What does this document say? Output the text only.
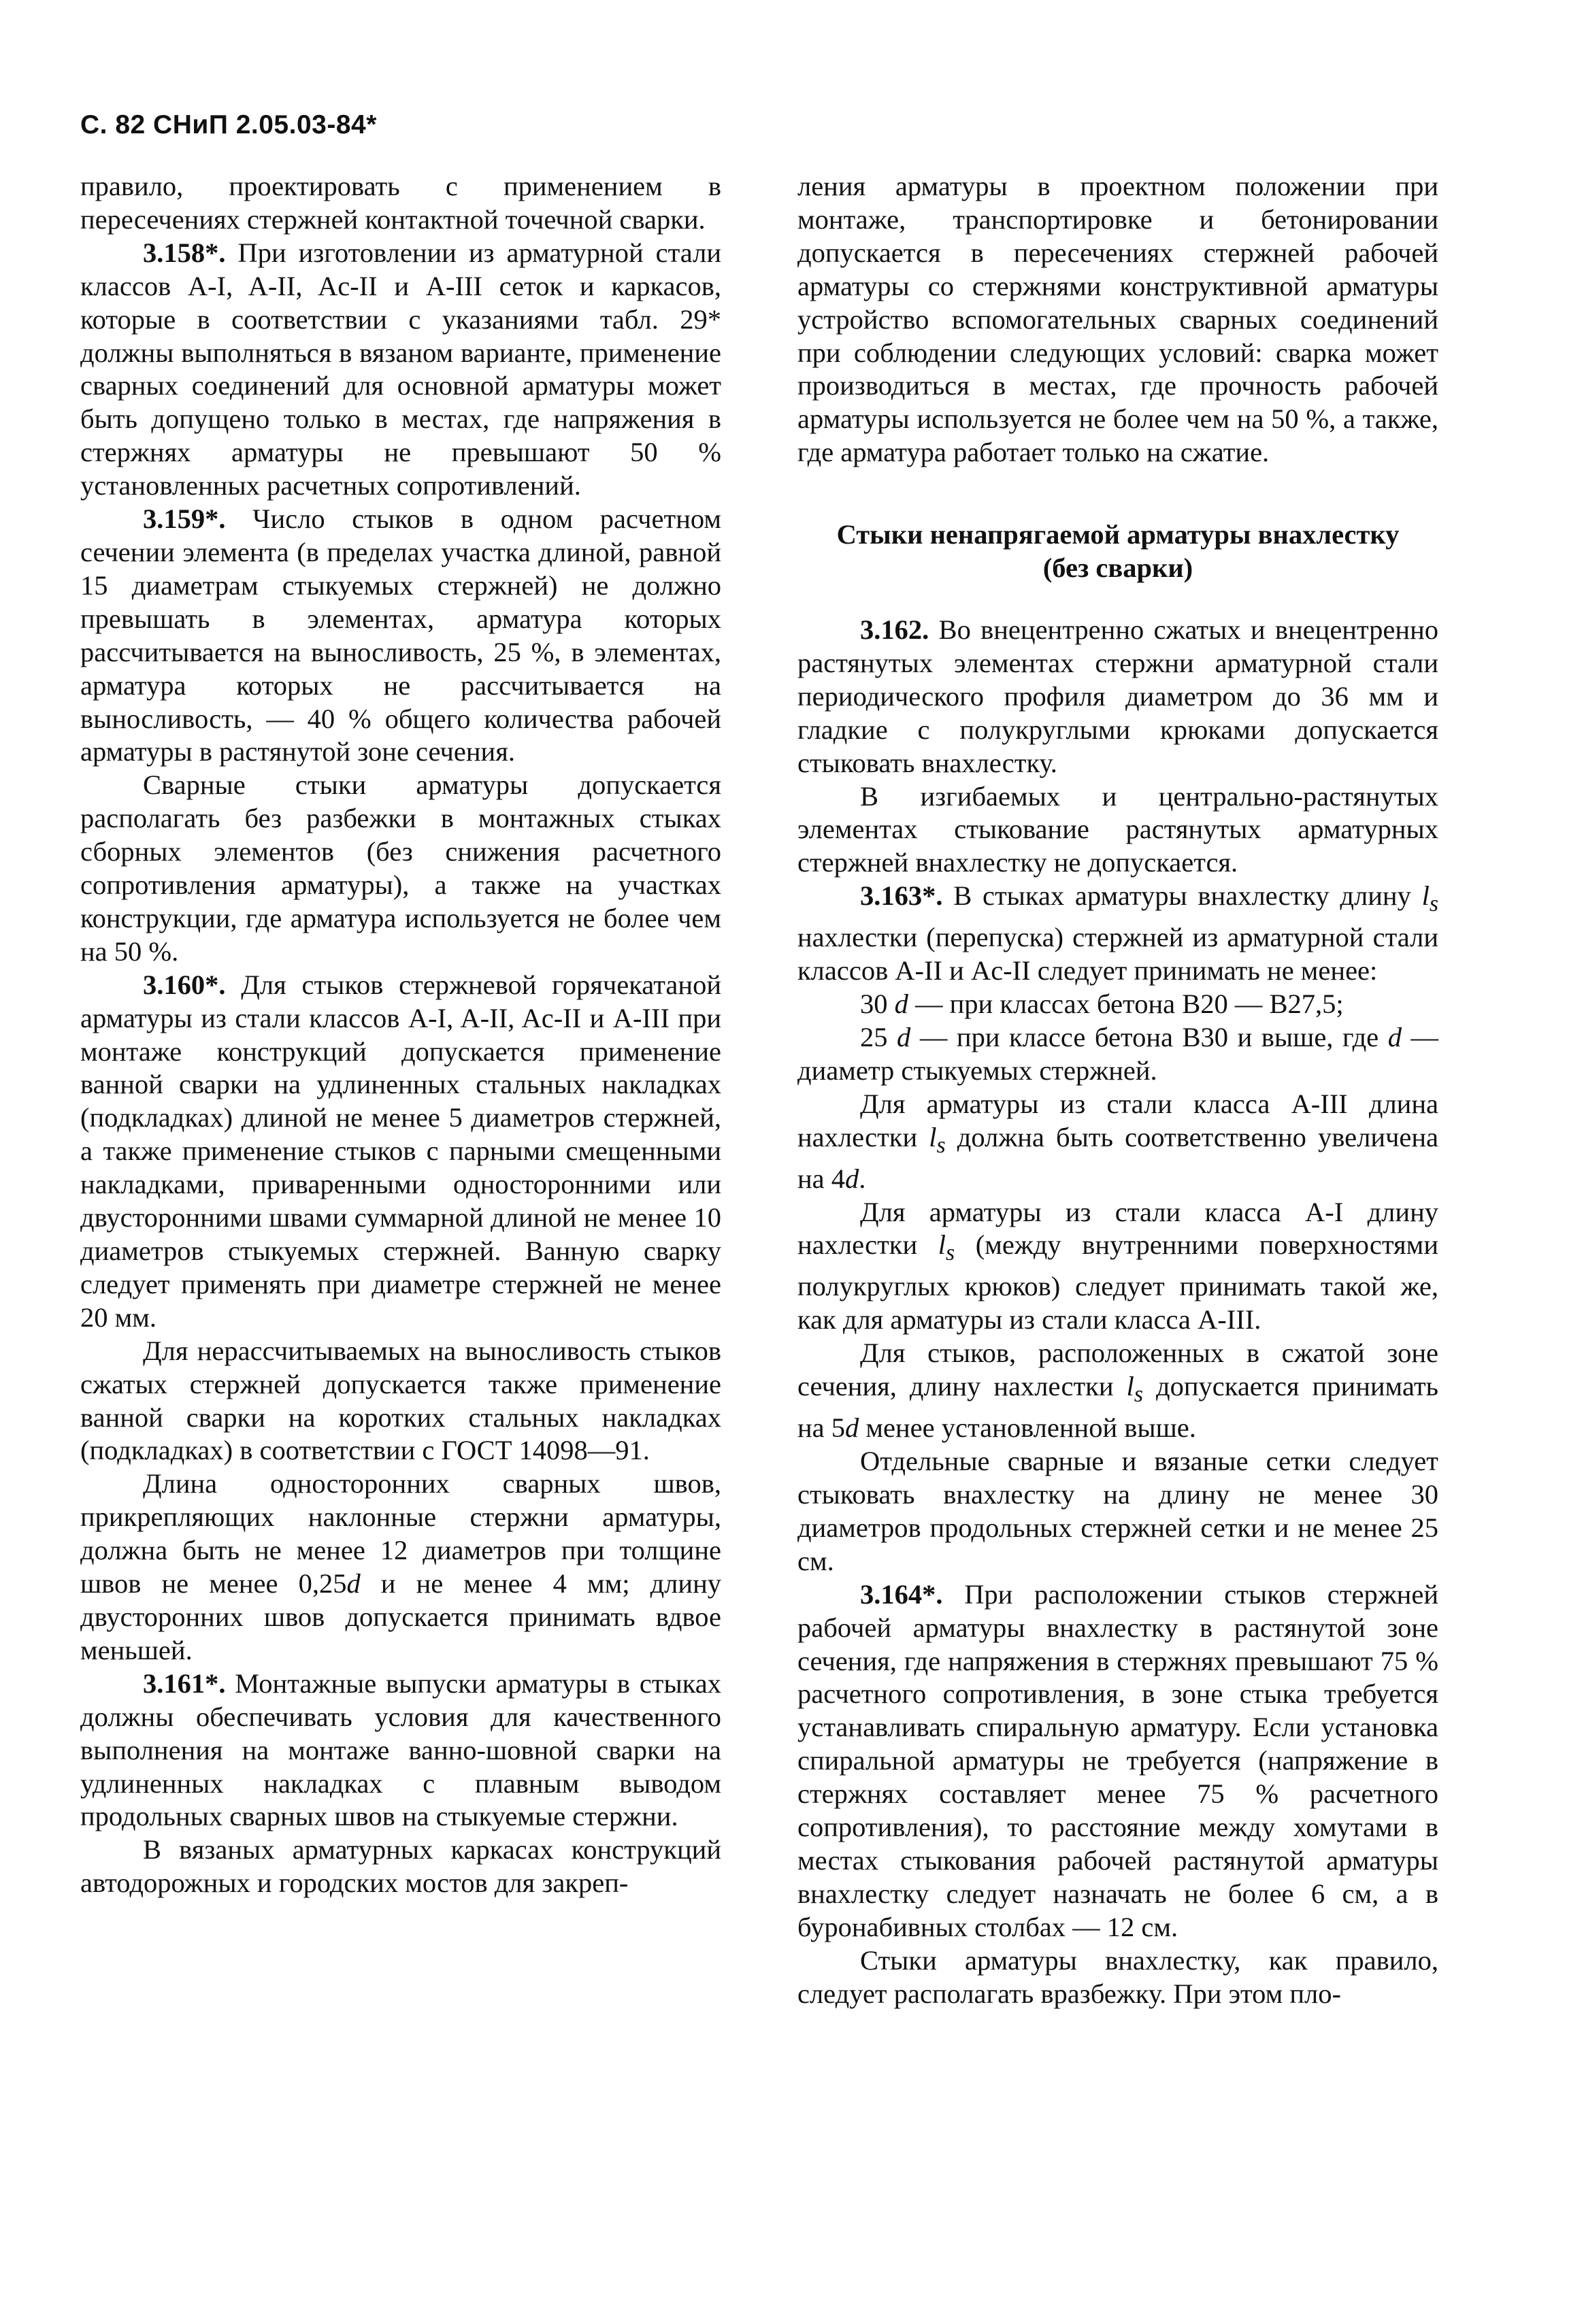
С. 82 СНиП 2.05.03-84*

правило, проектировать с применением в пересечениях стержней контактной точечной сварки.

3.158*. При изготовлении из арматурной стали классов A-I, A-II, Ac-II и A-III сеток и каркасов, которые в соответствии с указаниями табл. 29* должны выполняться в вязаном варианте, применение сварных соединений для основной арматуры может быть допущено только в местах, где напряжения в стержнях арматуры не превышают 50 % установленных расчетных сопротивлений.

3.159*. Число стыков в одном расчетном сечении элемента (в пределах участка длиной, равной 15 диаметрам стыкуемых стержней) не должно превышать в элементах, арматура которых рассчитывается на выносливость, 25 %, в элементах, арматура которых не рассчитывается на выносливость, — 40 % общего количества рабочей арматуры в растянутой зоне сечения.

Сварные стыки арматуры допускается располагать без разбежки в монтажных стыках сборных элементов (без снижения расчетного сопротивления арматуры), а также на участках конструкции, где арматура используется не более чем на 50 %.

3.160*. Для стыков стержневой горячекатаной арматуры из стали классов A-I, A-II, Ac-II и A-III при монтаже конструкций допускается применение ванной сварки на удлиненных стальных накладках (подкладках) длиной не менее 5 диаметров стержней, а также применение стыков с парными смещенными накладками, приваренными односторонними или двусторонними швами суммарной длиной не менее 10 диаметров стыкуемых стержней. Ванную сварку следует применять при диаметре стержней не менее 20 мм.

Для нерассчитываемых на выносливость стыков сжатых стержней допускается также применение ванной сварки на коротких стальных накладках (подкладках) в соответствии с ГОСТ 14098—91.

Длина односторонних сварных швов, прикрепляющих наклонные стержни арматуры, должна быть не менее 12 диаметров при толщине швов не менее 0,25d и не менее 4 мм; длину двусторонних швов допускается принимать вдвое меньшей.

3.161*. Монтажные выпуски арматуры в стыках должны обеспечивать условия для качественного выполнения на монтаже ванно-шовной сварки на удлиненных накладках с плавным выводом продольных сварных швов на стыкуемые стержни.

В вязаных арматурных каркасах конструкций автодорожных и городских мостов для закреп-

ления арматуры в проектном положении при монтаже, транспортировке и бетонировании допускается в пересечениях стержней рабочей арматуры со стержнями конструктивной арматуры устройство вспомогательных сварных соединений при соблюдении следующих условий: сварка может производиться в местах, где прочность рабочей арматуры используется не более чем на 50 %, а также, где арматура работает только на сжатие.

Стыки ненапрягаемой арматуры внахлестку
(без сварки)

3.162. Во внецентренно сжатых и внецентренно растянутых элементах стержни арматурной стали периодического профиля диаметром до 36 мм и гладкие с полукруглыми крюками допускается стыковать внахлестку.

В изгибаемых и центрально-растянутых элементах стыкование растянутых арматурных стержней внахлестку не допускается.

3.163*. В стыках арматуры внахлестку длину $l_s$ нахлестки (перепуска) стержней из арматурной стали классов A-II и Ac-II следует принимать не менее:

30 d — при классах бетона В20 — В27,5;

25 d — при классе бетона В30 и выше, где d — диаметр стыкуемых стержней.

Для арматуры из стали класса A-III длина нахлестки $l_s$ должна быть соответственно увеличена на 4d.

Для арматуры из стали класса A-I длину нахлестки $l_s$ (между внутренними поверхностями полукруглых крюков) следует принимать такой же, как для арматуры из стали класса A-III.

Для стыков, расположенных в сжатой зоне сечения, длину нахлестки $l_s$ допускается принимать на 5d менее установленной выше.

Отдельные сварные и вязаные сетки следует стыковать внахлестку на длину не менее 30 диаметров продольных стержней сетки и не менее 25 см.

3.164*. При расположении стыков стержней рабочей арматуры внахлестку в растянутой зоне сечения, где напряжения в стержнях превышают 75 % расчетного сопротивления, в зоне стыка требуется устанавливать спиральную арматуру. Если установка спиральной арматуры не требуется (напряжение в стержнях составляет менее 75 % расчетного сопротивления), то расстояние между хомутами в местах стыкования рабочей растянутой арматуры внахлестку следует назначать не более 6 см, а в буронабивных столбах — 12 см.

Стыки арматуры внахлестку, как правило, следует располагать вразбежку. При этом пло-
